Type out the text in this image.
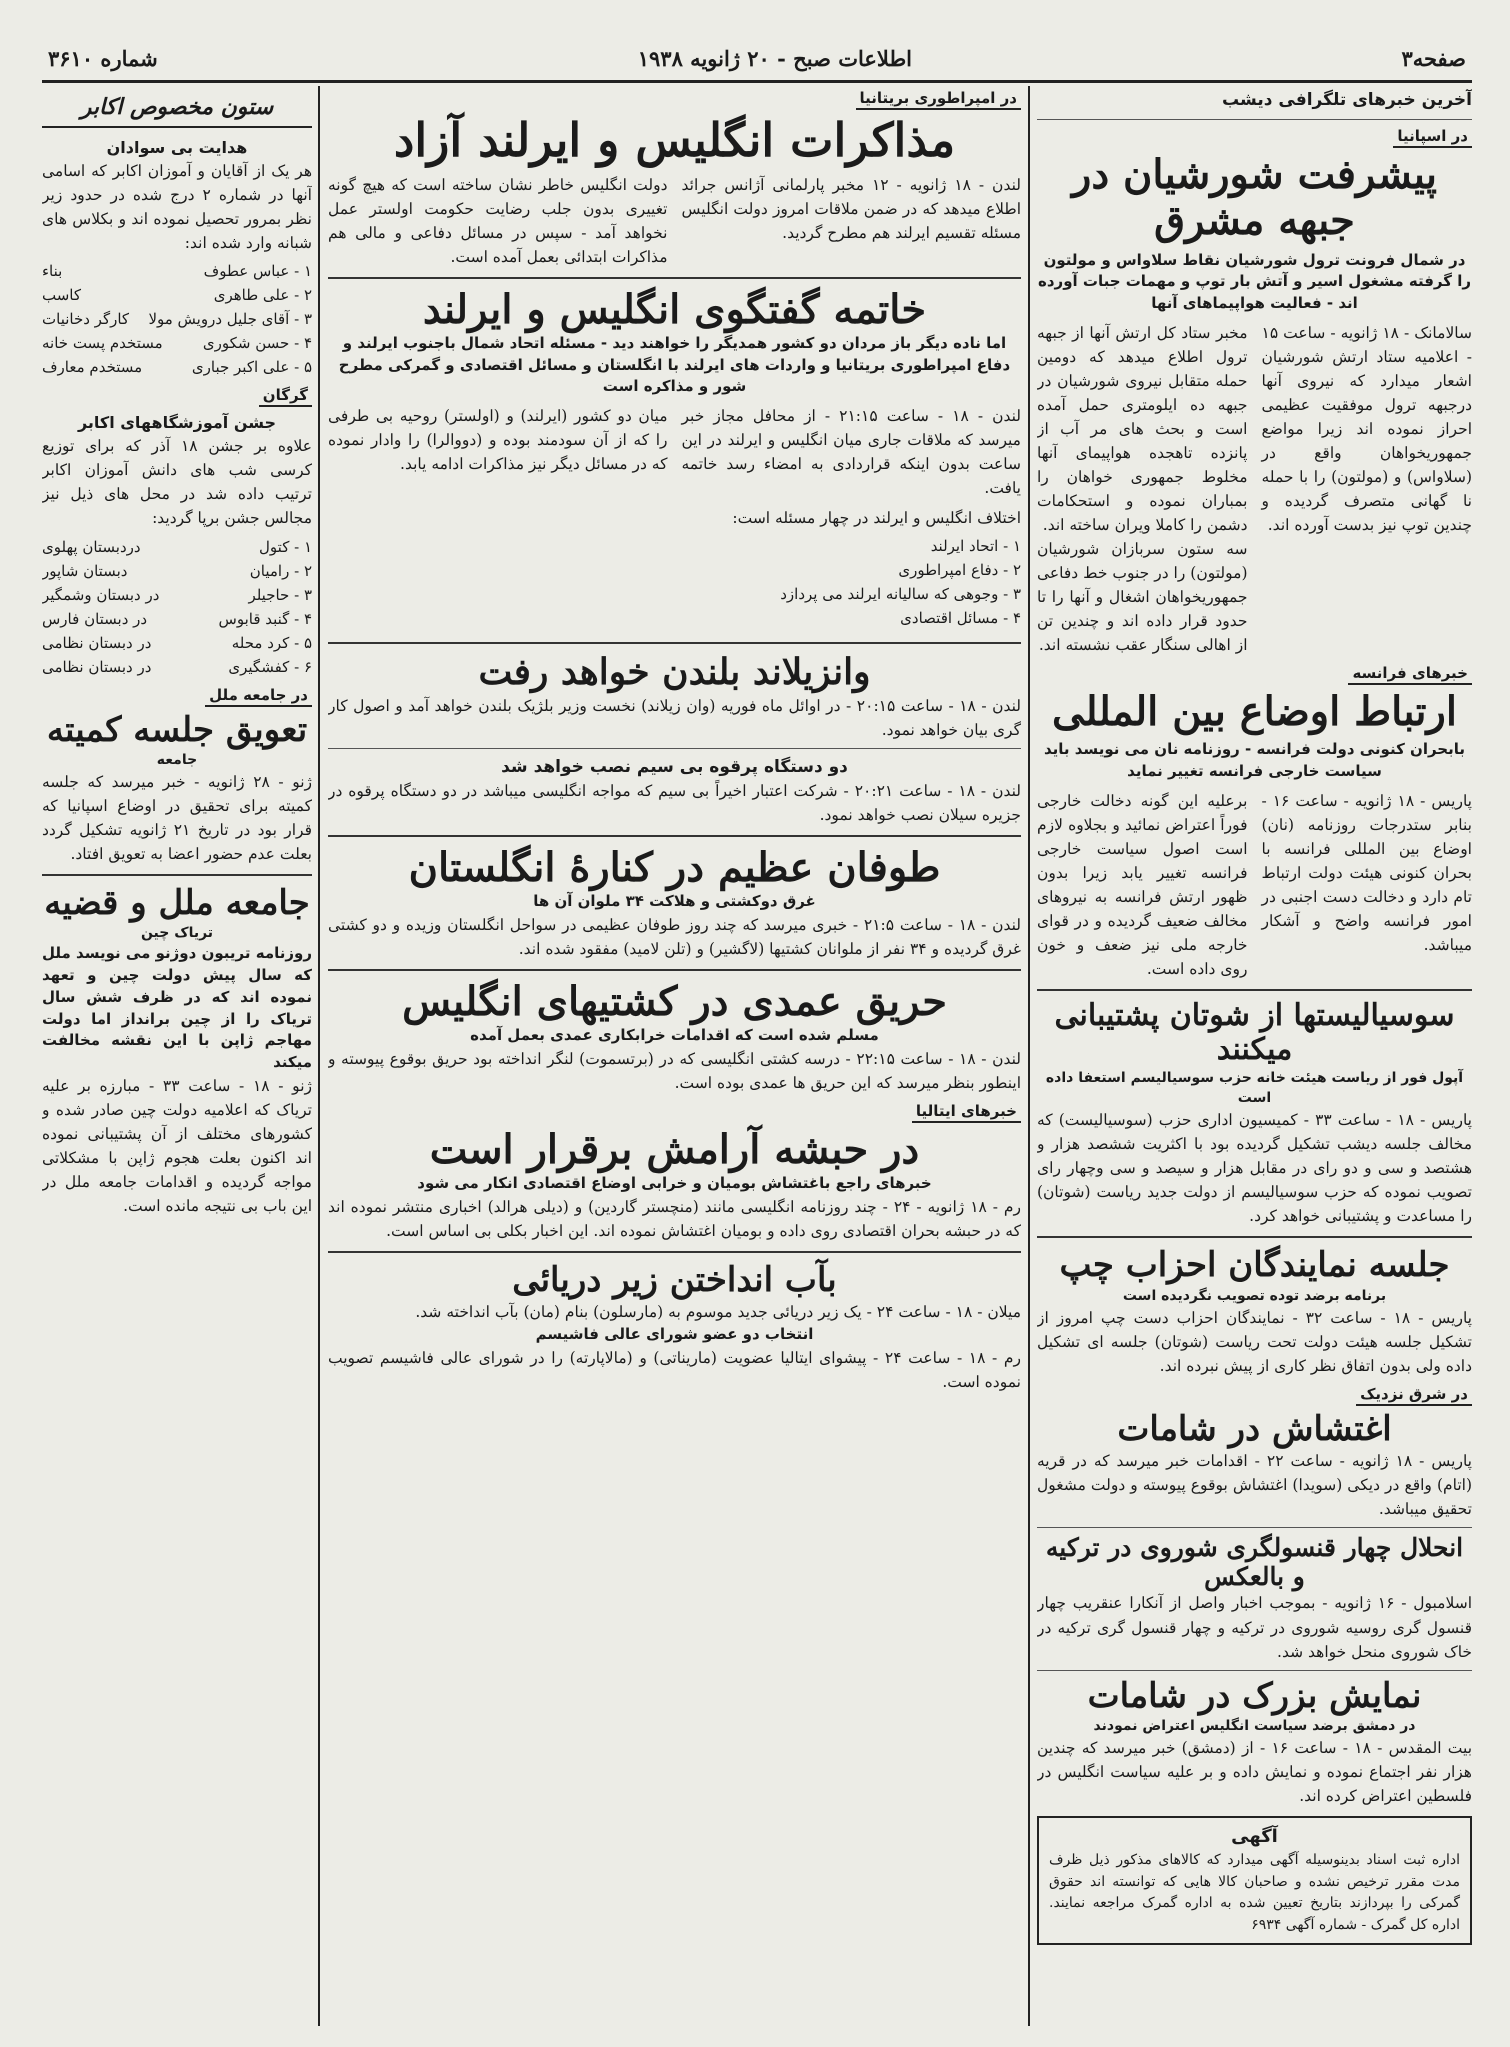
صفحه۳
اطلاعات صبح - ۲۰ ژانویه ۱۹۳۸
شماره ۳۶۱۰

آخرین خبرهای تلگرافی دیشب

در اسپانیا
پیشرفت شورشیان در جبهه مشرق

در شمال فرونت ترول شورشیان نقاط سلاواس و مولتون را گرفته مشغول اسیر و آتش بار توپ و مهمات جبات آورده اند - فعالیت هواپیماهای آنها

سالامانک - ۱۸ ژانویه - ساعت ۱۵ - اعلامیه ستاد ارتش شورشیان اشعار میدارد که نیروی آنها درجبهه ترول موفقیت عظیمی احراز نموده اند زیرا مواضع جمهوریخواهان واقع در (سلاواس) و (مولتون) را با حمله نا گهانی متصرف گردیده و چندین توپ نیز بدست آورده اند.

مخبر ستاد کل ارتش آنها از جبهه ترول اطلاع میدهد که دومین حمله متقابل نیروی شورشیان در جبهه ده ایلومتری حمل آمده است و بحث های مر آب از پانزده تاهجده هواپیمای آنها مخلوط جمهوری خواهان را بمباران نموده و استحکامات دشمن را کاملا ویران ساخته اند.

سه ستون سربازان شورشیان (مولتون) را در جنوب خط دفاعی جمهوریخواهان اشغال و آنها را تا حدود قرار داده اند و چندین تن از اهالی سنگار عقب نشسته اند.

خبرهای فرانسه
ارتباط اوضاع بین المللی

بابحران کنونی دولت فرانسه - روزنامه نان می نویسد باید سیاست خارجی فرانسه تغییر نماید

پاریس - ۱۸ ژانویه - ساعت ۱۶ - بنابر ستدرجات روزنامه (نان) اوضاع بین المللی فرانسه با بحران کنونی هیئت دولت ارتباط تام دارد و دخالت دست اجنبی در امور فرانسه واضح و آشکار میباشد.

برعلیه این گونه دخالت خارجی فوراً اعتراض نمائید و بجلاوه لازم است اصول سیاست خارجی فرانسه تغییر یابد زیرا بدون ظهور ارتش فرانسه به نیروهای مخالف ضعیف گردیده و در قوای خارجه ملی نیز ضعف و خون روی داده است.

سوسیالیستها از شوتان پشتیبانی میکنند

آپول فور از ریاست هیئت خانه حزب سوسیالیسم استعفا داده است

پاریس - ۱۸ - ساعت ۳۳ - کمیسیون اداری حزب (سوسیالیست) که مخالف جلسه دیشب تشکیل گردیده بود با اکثریت ششصد هزار و هشتصد و سی و دو رای در مقابل هزار و سیصد و سی وچهار رای تصویب نموده که حزب سوسیالیسم از دولت جدید ریاست (شوتان) را مساعدت و پشتیبانی خواهد کرد.

جلسه نمایندگان احزاب چپ

برنامه برضد توده تصویب نگردیده است

پاریس - ۱۸ - ساعت ۳۲ - نمایندگان احزاب دست چپ امروز از تشکیل جلسه هیئت دولت تحت ریاست (شوتان) جلسه ای تشکیل داده ولی بدون اتفاق نظر کاری از پیش نبرده اند.

در شرق نزدیک
اغتشاش در شامات

پاریس - ۱۸ ژانویه - ساعت ۲۲ - اقدامات خبر میرسد که در قریه (اتام) واقع در دیکی (سویدا) اغتشاش بوقوع پیوسته و دولت مشغول تحقیق میباشد.

انحلال چهار قنسولگری شوروی در ترکیه و بالعکس

اسلامبول - ۱۶ ژانویه - بموجب اخبار واصل از آنکارا عنقریب چهار قنسول گری روسیه شوروی در ترکیه و چهار قنسول گری ترکیه در خاک شوروی منحل خواهد شد.

نمایش بزرک در شامات

در دمشق برضد سیاست انگلیس اعتراض نمودند

بیت المقدس - ۱۸ - ساعت ۱۶ - از (دمشق) خبر میرسد که چندین هزار نفر اجتماع نموده و نمایش داده و بر علیه سیاست انگلیس در فلسطین اعتراض کرده اند.

آگهی

اداره ثبت اسناد بدینوسیله آگهی میدارد که کالاهای مذکور ذیل ظرف مدت مقرر ترخیص نشده و صاحبان کالا هایی که توانسته اند حقوق گمرکی را بپردازند بتاریخ تعیین شده به اداره گمرک مراجعه نمایند. اداره کل گمرک - شماره آگهی ۶۹۳۴

در امپراطوری بریتانیا
مذاکرات انگلیس و ایرلند آزاد

لندن - ۱۸ ژانویه - ۱۲ مخبر پارلمانی آژانس جرائد اطلاع میدهد که در ضمن ملاقات امروز دولت انگلیس مسئله تقسیم ایرلند هم مطرح گردید.

دولت انگلیس خاطر نشان ساخته است که هیچ گونه تغییری بدون جلب رضایت حکومت اولستر عمل نخواهد آمد - سپس در مسائل دفاعی و مالی هم مذاکرات ابتدائی بعمل آمده است.

خاتمه گفتگوی انگلیس و ایرلند

اما ناده دیگر باز مردان دو کشور همدیگر را خواهند دید - مسئله اتحاد شمال باجنوب ایرلند و دفاع امپراطوری بریتانیا و واردات های ایرلند با انگلستان و مسائل اقتصادی و گمرکی مطرح شور و مذاکره است

لندن - ۱۸ - ساعت ۲۱:۱۵ - از محافل مجاز خبر میرسد که ملاقات جاری میان انگلیس و ایرلند در این ساعت بدون اینکه قراردادی به امضاء رسد خاتمه یافت.

اختلاف انگلیس و ایرلند در چهار مسئله است:

۱ - اتحاد ایرلند
۲ - دفاع امپراطوری
۳ - وجوهی که سالیانه ایرلند می پردازد
۴ - مسائل اقتصادی

میان دو کشور (ایرلند) و (اولستر) روحیه بی طرفی را که از آن سودمند بوده و (دووالرا) را وادار نموده که در مسائل دیگر نیز مذاکرات ادامه یابد.

وانزیلاند بلندن خواهد رفت

لندن - ۱۸ - ساعت ۲۰:۱۵ - در اوائل ماه فوریه (وان زیلاند) نخست وزیر بلژیک بلندن خواهد آمد و اصول کار گری بیان خواهد نمود.

دو دستگاه پرقوه بی سیم نصب خواهد شد

لندن - ۱۸ - ساعت ۲۰:۲۱ - شرکت اعتبار اخیراً بی سیم که مواجه انگلیسی میباشد در دو دستگاه پرقوه در جزیره سیلان نصب خواهد نمود.

طوفان عظیم در کنارهٔ انگلستان

غرق دوکشتی و هلاکت ۳۴ ملوان آن ها

لندن - ۱۸ - ساعت ۲۱:۵ - خبری میرسد که چند روز طوفان عظیمی در سواحل انگلستان وزیده و دو کشتی غرق گردیده و ۳۴ نفر از ملوانان کشتیها (لاگشیر) و (تلن لامید) مفقود شده اند.

حریق عمدی در کشتیهای انگلیس

مسلم شده است که اقدامات خرابکاری عمدی بعمل آمده

لندن - ۱۸ - ساعت ۲۲:۱۵ - درسه کشتی انگلیسی که در (برتسموت) لنگر انداخته بود حریق بوقوع پیوسته و اینطور بنظر میرسد که این حریق ها عمدی بوده است.

خبرهای ایتالیا
در حبشه آرامش برقرار است

خبرهای راجع باغتشاش بومیان و خرابی اوضاع اقتصادی انکار می شود

رم - ۱۸ ژانویه - ۲۴ - چند روزنامه انگلیسی مانند (منچستر گاردین) و (دیلی هرالد) اخباری منتشر نموده اند که در حبشه بحران اقتصادی روی داده و بومیان اغتشاش نموده اند. این اخبار بکلی بی اساس است.

بآب انداختن زیر دریائی

میلان - ۱۸ - ساعت ۲۴ - یک زیر دریائی جدید موسوم به (مارسلون) بنام (مان) بآب انداخته شد.

انتخاب دو عضو شورای عالی فاشیسم

رم - ۱۸ - ساعت ۲۴ - پیشوای ایتالیا عضویت (ماریناتی) و (مالاپارته) را در شورای عالی فاشیسم تصویب نموده است.

ستون مخصوص اکابر

هدایت بی سوادان

هر یک از آقایان و آموزان اکابر که اسامی آنها در شماره ۲ درج شده در حدود زیر نظر بمرور تحصیل نموده اند و بکلاس های شبانه وارد شده اند:

۱ - عباس عطوف
بناء
۲ - علی طاهری
کاسب
۳ - آقای جلیل درویش مولا
کارگر دخانیات
۴ - حسن شکوری
مستخدم پست خانه
۵ - علی اکبر جباری
مستخدم معارف
گرگان

جشن آموزشگاههای اکابر

علاوه بر جشن ۱۸ آذر که برای توزیع کرسی شب های دانش آموزان اکابر ترتیب داده شد در محل های ذیل نیز مجالس جشن برپا گردید:

۱ - کتول
دردبستان پهلوی
۲ - رامیان
دبستان شاپور
۳ - حاجیلر
در دبستان وشمگیر
۴ - گنبد قابوس
در دبستان فارس
۵ - کرد محله
در دبستان نظامی
۶ - کفشگیری
در دبستان نظامی
در جامعه ملل
تعویق جلسه کمیته

جامعه

ژنو - ۲۸ ژانویه - خبر میرسد که جلسه کمیته برای تحقیق در اوضاع اسپانیا که قرار بود در تاریخ ۲۱ ژانویه تشکیل گردد بعلت عدم حضور اعضا به تعویق افتاد.

جامعه ملل و قضیه

تریاک چین

روزنامه تریبون دوژنو می نویسد ملل که سال پیش دولت چین و تعهد نموده اند که در ظرف شش سال تریاک را از چین برانداز اما دولت مهاجم ژاپن با این نقشه مخالفت میکند

ژنو - ۱۸ - ساعت ۳۳ - مبارزه بر علیه تریاک که اعلامیه دولت چین صادر شده و کشورهای مختلف از آن پشتیبانی نموده اند اکنون بعلت هجوم ژاپن با مشکلاتی مواجه گردیده و اقدامات جامعه ملل در این باب بی نتیجه مانده است.
